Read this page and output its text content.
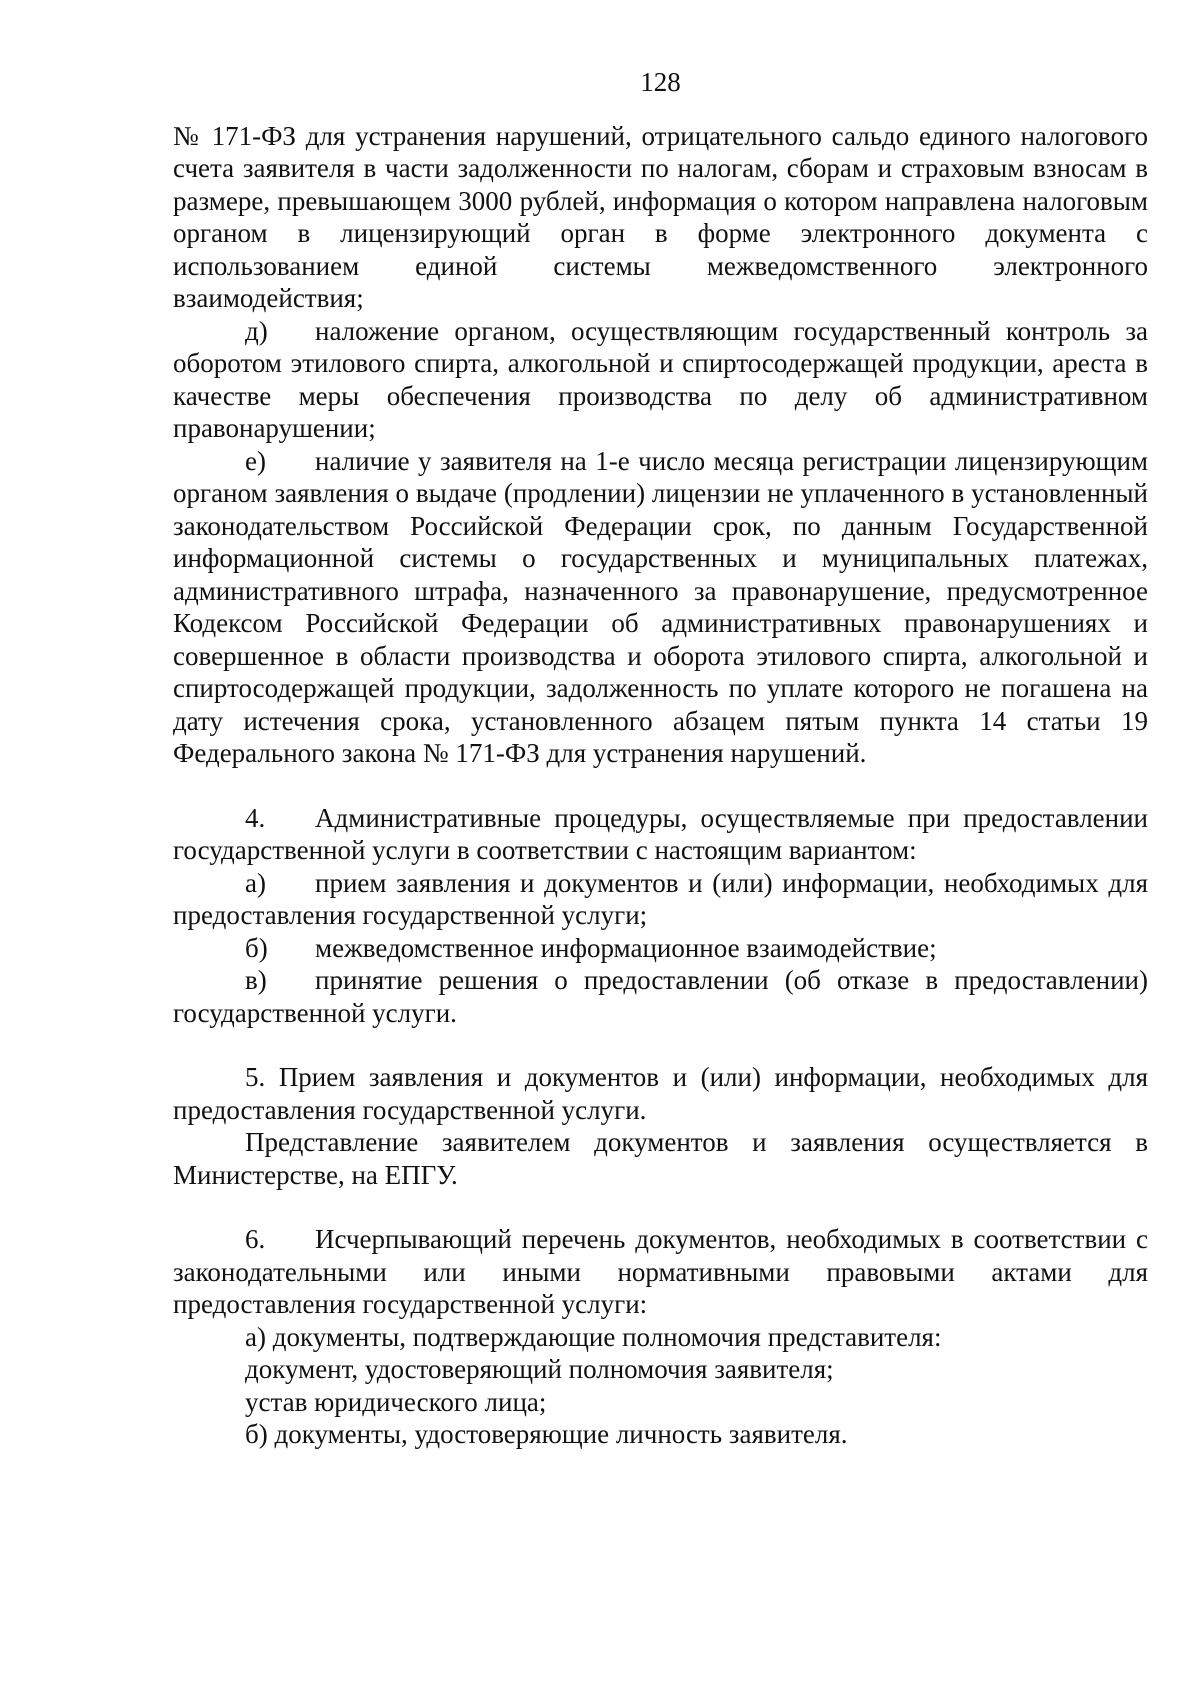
128

№ 171-ФЗ для устранения нарушений, отрицательного сальдо единого налогового счета заявителя в части задолженности по налогам, сборам и страховым взносам в размере, превышающем 3000 рублей, информация о котором направлена налоговым органом в лицензирующий орган в форме электронного документа с использованием единой системы межведомственного электронного взаимодействия;

д) наложение органом, осуществляющим государственный контроль за оборотом этилового спирта, алкогольной и спиртосодержащей продукции, ареста в качестве меры обеспечения производства по делу об административном правонарушении;

е) наличие у заявителя на 1-е число месяца регистрации лицензирующим органом заявления о выдаче (продлении) лицензии не уплаченного в установленный законодательством Российской Федерации срок, по данным Государственной информационной системы о государственных и муниципальных платежах, административного штрафа, назначенного за правонарушение, предусмотренное Кодексом Российской Федерации об административных правонарушениях и совершенное в области производства и оборота этилового спирта, алкогольной и спиртосодержащей продукции, задолженность по уплате которого не погашена на дату истечения срока, установленного абзацем пятым пункта 14 статьи 19 Федерального закона № 171-ФЗ для устранения нарушений.

4. Административные процедуры, осуществляемые при предоставлении государственной услуги в соответствии с настоящим вариантом:

а) прием заявления и документов и (или) информации, необходимых для предоставления государственной услуги;

б) межведомственное информационное взаимодействие;

в) принятие решения о предоставлении (об отказе в предоставлении) государственной услуги.

5. Прием заявления и документов и (или) информации, необходимых для предоставления государственной услуги.

Представление заявителем документов и заявления осуществляется в Министерстве, на ЕПГУ.

6. Исчерпывающий перечень документов, необходимых в соответствии с законодательными или иными нормативными правовыми актами для предоставления государственной услуги:

а) документы, подтверждающие полномочия представителя:

документ, удостоверяющий полномочия заявителя;

устав юридического лица;

б) документы, удостоверяющие личность заявителя.
